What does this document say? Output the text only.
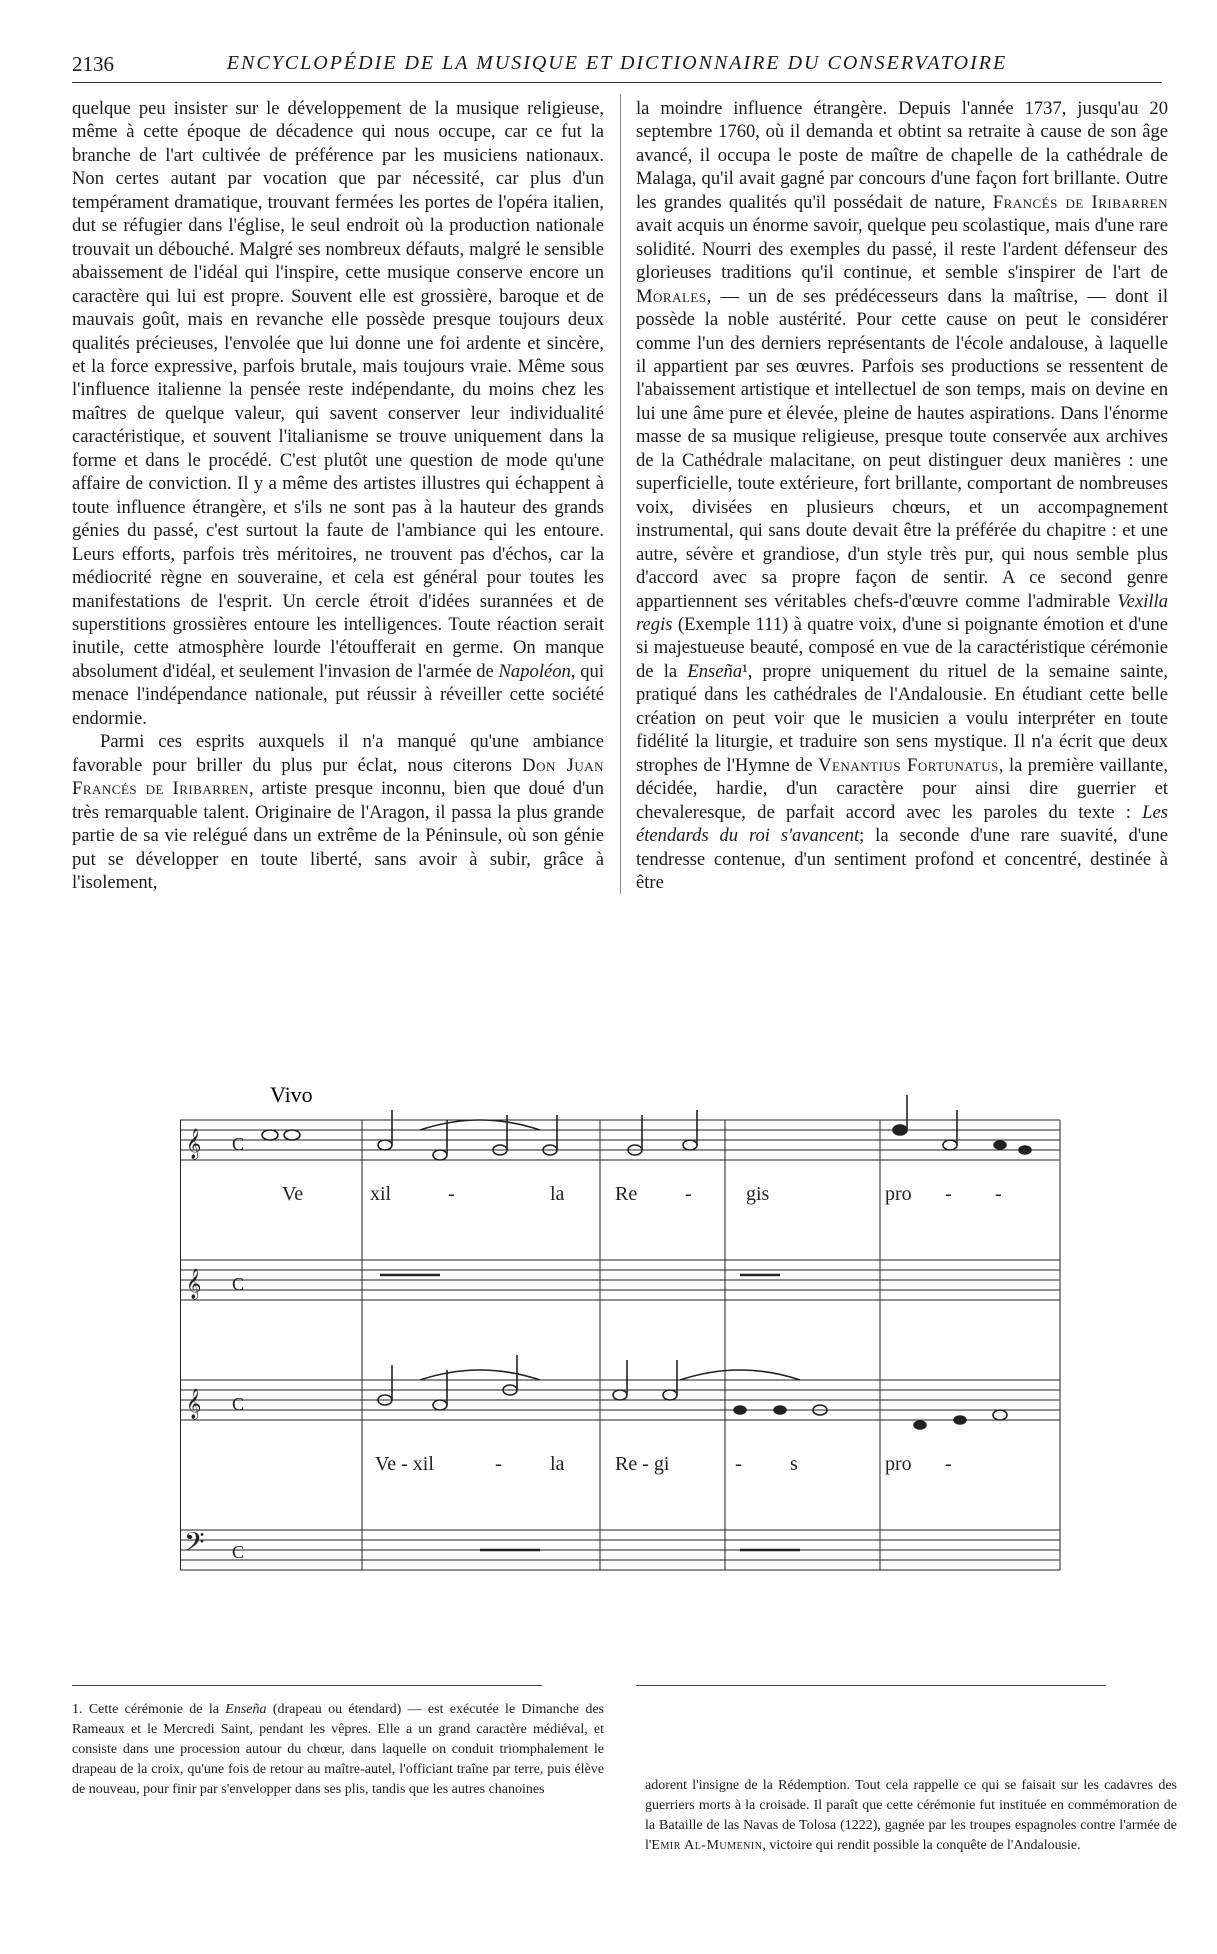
2136	ENCYCLOPÉDIE DE LA MUSIQUE ET DICTIONNAIRE DU CONSERVATOIRE

quelque peu insister sur le développement de la musique religieuse, même à cette époque de décadence qui nous occupe, car ce fut la branche de l'art cultivée de préférence par les musiciens nationaux. Non certes autant par vocation que par nécessité, car plus d'un tempérament dramatique, trouvant fermées les portes de l'opéra italien, dut se réfugier dans l'église, le seul endroit où la production nationale trouvait un débouché. Malgré ses nombreux défauts, malgré le sensible abaissement de l'idéal qui l'inspire, cette musique conserve encore un caractère qui lui est propre. Souvent elle est grossière, baroque et de mauvais goût, mais en revanche elle possède presque toujours deux qualités précieuses, l'envolée que lui donne une foi ardente et sincère, et la force expressive, parfois brutale, mais toujours vraie. Même sous l'influence italienne la pensée reste indépendante, du moins chez les maîtres de quelque valeur, qui savent conserver leur individualité caractéristique, et souvent l'italianisme se trouve uniquement dans la forme et dans le procédé. C'est plutôt une question de mode qu'une affaire de conviction. Il y a même des artistes illustres qui échappent à toute influence étrangère, et s'ils ne sont pas à la hauteur des grands génies du passé, c'est surtout la faute de l'ambiance qui les entoure. Leurs efforts, parfois très méritoires, ne trouvent pas d'échos, car la médiocrité règne en souveraine, et cela est général pour toutes les manifestations de l'esprit. Un cercle étroit d'idées surannées et de superstitions grossières entoure les intelligences. Toute réaction serait inutile, cette atmosphère lourde l'étoufferait en germe. On manque absolument d'idéal, et seulement l'invasion de l'armée de Napoléon, qui menace l'indépendance nationale, put réussir à réveiller cette société endormie.

Parmi ces esprits auxquels il n'a manqué qu'une ambiance favorable pour briller du plus pur éclat, nous citerons Don Juan Francés de Iribarren, artiste presque inconnu, bien que doué d'un très remarquable talent. Originaire de l'Aragon, il passa la plus grande partie de sa vie relégué dans un extrême de la Péninsule, où son génie put se développer en toute liberté, sans avoir à subir, grâce à l'isolement,

la moindre influence étrangère. Depuis l'année 1737, jusqu'au 20 septembre 1760, où il demanda et obtint sa retraite à cause de son âge avancé, il occupa le poste de maître de chapelle de la cathédrale de Malaga, qu'il avait gagné par concours d'une façon fort brillante. Outre les grandes qualités qu'il possédait de nature, Francés de Iribarren avait acquis un énorme savoir, quelque peu scolastique, mais d'une rare solidité. Nourri des exemples du passé, il reste l'ardent défenseur des glorieuses traditions qu'il continue, et semble s'inspirer de l'art de Morales, — un de ses prédécesseurs dans la maîtrise, — dont il possède la noble austérité. Pour cette cause on peut le considérer comme l'un des derniers représentants de l'école andalouse, à laquelle il appartient par ses œuvres. Parfois ses productions se ressentent de l'abaissement artistique et intellectuel de son temps, mais on devine en lui une âme pure et élevée, pleine de hautes aspirations. Dans l'énorme masse de sa musique religieuse, presque toute conservée aux archives de la Cathédrale malacitane, on peut distinguer deux manières : une superficielle, toute extérieure, fort brillante, comportant de nombreuses voix, divisées en plusieurs chœurs, et un accompagnement instrumental, qui sans doute devait être la préférée du chapitre : et une autre, sévère et grandiose, d'un style très pur, qui nous semble plus d'accord avec sa propre façon de sentir. A ce second genre appartiennent ses véritables chefs-d'œuvre comme l'admirable Vexilla regis (Exemple 111) à quatre voix, d'une si poignante émotion et d'une si majestueuse beauté, composé en vue de la caractéristique cérémonie de la Enseña¹, propre uniquement du rituel de la semaine sainte, pratiqué dans les cathédrales de l'Andalousie. En étudiant cette belle création on peut voir que le musicien a voulu interpréter en toute fidélité la liturgie, et traduire son sens mystique. Il n'a écrit que deux strophes de l'Hymne de Venantius Fortunatus, la première vaillante, décidée, hardie, d'un caractère pour ainsi dire guerrier et chevaleresque, de parfait accord avec les paroles du texte : Les étendards du roi s'avancent; la seconde d'une rare suavité, d'une tendresse contenue, d'un sentiment profond et concentré, destinée à être

Vivo
𝄞
𝄞
𝄞
𝄢
C
C
C
C
Ve	xil	-	la	Re -	gis	pro - -
Ve - xil	- la	Re - gi	- s	pro -
1. Cette cérémonie de la Enseña (drapeau ou étendard) — est exécutée le Dimanche des Rameaux et le Mercredi Saint, pendant les vêpres. Elle a un grand caractère médiéval, et consiste dans une procession autour du chœur, dans laquelle on conduit triomphalement le drapeau de la croix, qu'une fois de retour au maître-autel, l'officiant traîne par terre, puis élève de nouveau, pour finir par s'envelopper dans ses plis, tandis que les autres chanoines	adorent l'insigne de la Rédemption. Tout cela rappelle ce qui se faisait sur les cadavres des guerriers morts à la croisade. Il paraît que cette cérémonie fut instituée en commémoration de la Bataille de las Navas de Tolosa (1222), gagnée par les troupes espagnoles contre l'armée de l'Emir Al-Mumenin, victoire qui rendit possible la conquête de l'Andalousie.
